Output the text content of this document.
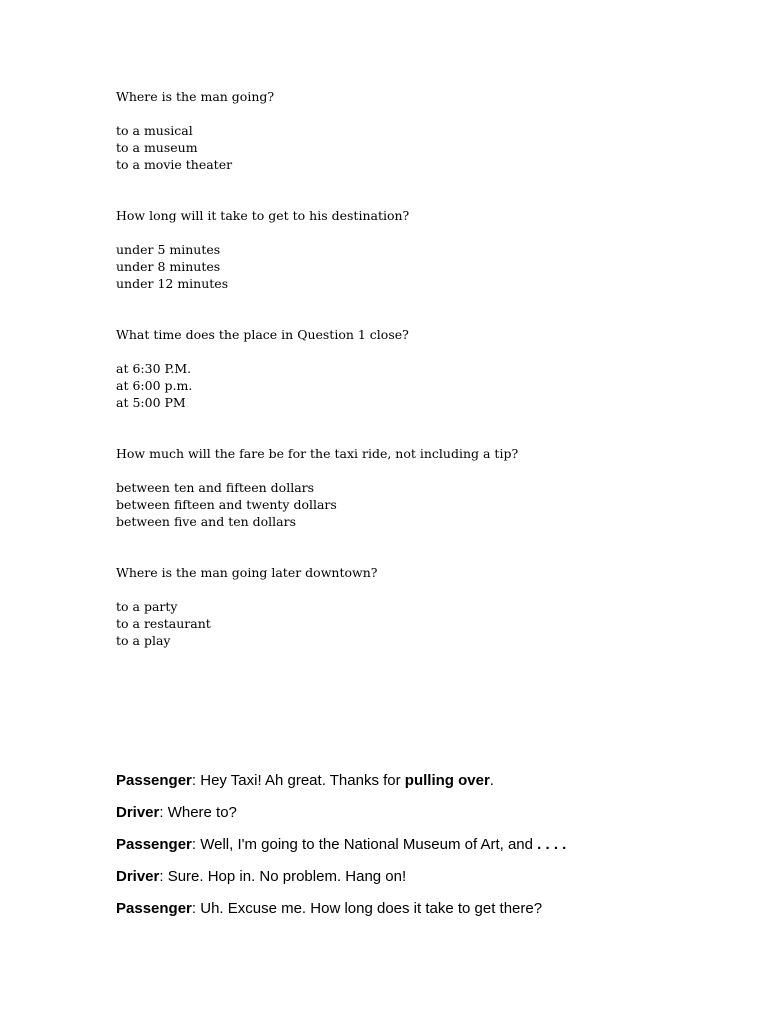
Where is the man going?
to a musical
to a museum
to a movie theater
How long will it take to get to his destination?
under 5 minutes
under 8 minutes
under 12 minutes
What time does the place in Question 1 close?
at 6:30 P.M.
at 6:00 p.m.
at 5:00 PM
How much will the fare be for the taxi ride, not including a tip?
between ten and fifteen dollars
between fifteen and twenty dollars
between five and ten dollars
Where is the man going later downtown?
to a party
to a restaurant
to a play
Passenger: Hey Taxi! Ah great. Thanks for pulling over.
Driver: Where to?
Passenger: Well, I'm going to the National Museum of Art, and . . . .
Driver: Sure. Hop in. No problem. Hang on!
Passenger: Uh. Excuse me. How long does it take to get there?
